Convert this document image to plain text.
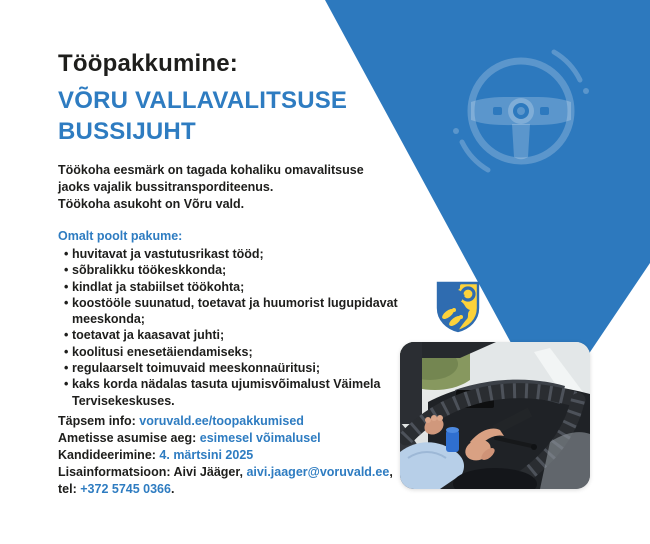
Tööpakkumine:
VÕRU VALLAVALITSUSE
BUSSIJUHT
Töökoha eesmärk on tagada kohaliku omavalitsuse
jaoks vajalik bussitransporditeenus.
Töökoha asukoht on Võru vald.
Omalt poolt pakume:
• huvitavat ja vastutusrikast tööd;
• sõbralikku töökeskkonda;
• kindlat ja stabiilset töökohta;
• koostööle suunatud, toetavat ja huumorist lugupidavat
meeskonda;
• toetavat ja kaasavat juhti;
• koolitusi enesetäiendamiseks;
• regulaarselt toimuvaid meeskonnaüritusi;
• kaks korda nädalas tasuta ujumisvõimalust Väimela
Tervisekeskuses.
Täpsem info: voruvald.ee/toopakkumised
Ametisse asumise aeg: esimesel võimalusel
Kandideerimine: 4. märtsini 2025
Lisainformatsioon: Aivi Jääger, aivi.jaager@voruvald.ee,
tel: +372 5745 0366.
